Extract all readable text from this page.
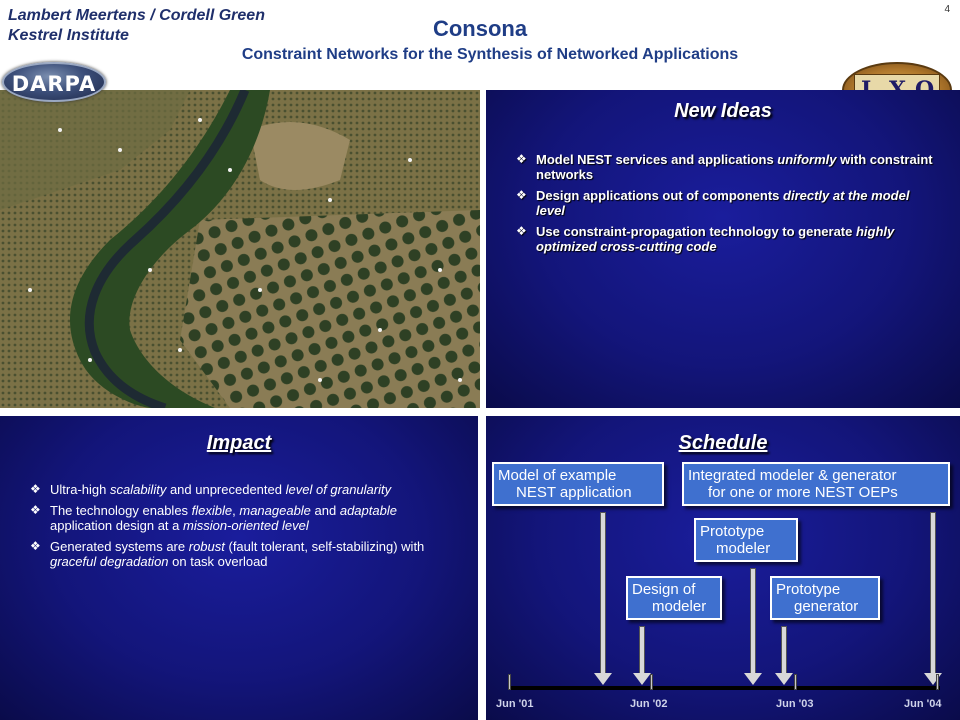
Lambert Meertens / Cordell Green
Kestrel Institute	Consona
Constraint Networks for the Synthesis of Networked Applications
4
DARPA
New Ideas
❖ Model NEST services and applications uniformly with constraint networks
❖ Design applications out of components directly at the model level
❖ Use constraint-propagation technology to generate highly optimized cross-cutting code
Impact
❖ Ultra-high scalability and unprecedented level of granularity
❖ The technology enables flexible, manageable and adaptable application design at a mission-oriented level
❖ Generated systems are robust (fault tolerant, self-stabilizing) with graceful degradation on task overload
Schedule
Model of example
NEST application
Integrated modeler & generator
for one or more NEST OEPs
Prototype
modeler
Design of
modeler
Prototype
generator
Jun '01	Jun '02	Jun '03	Jun '04
